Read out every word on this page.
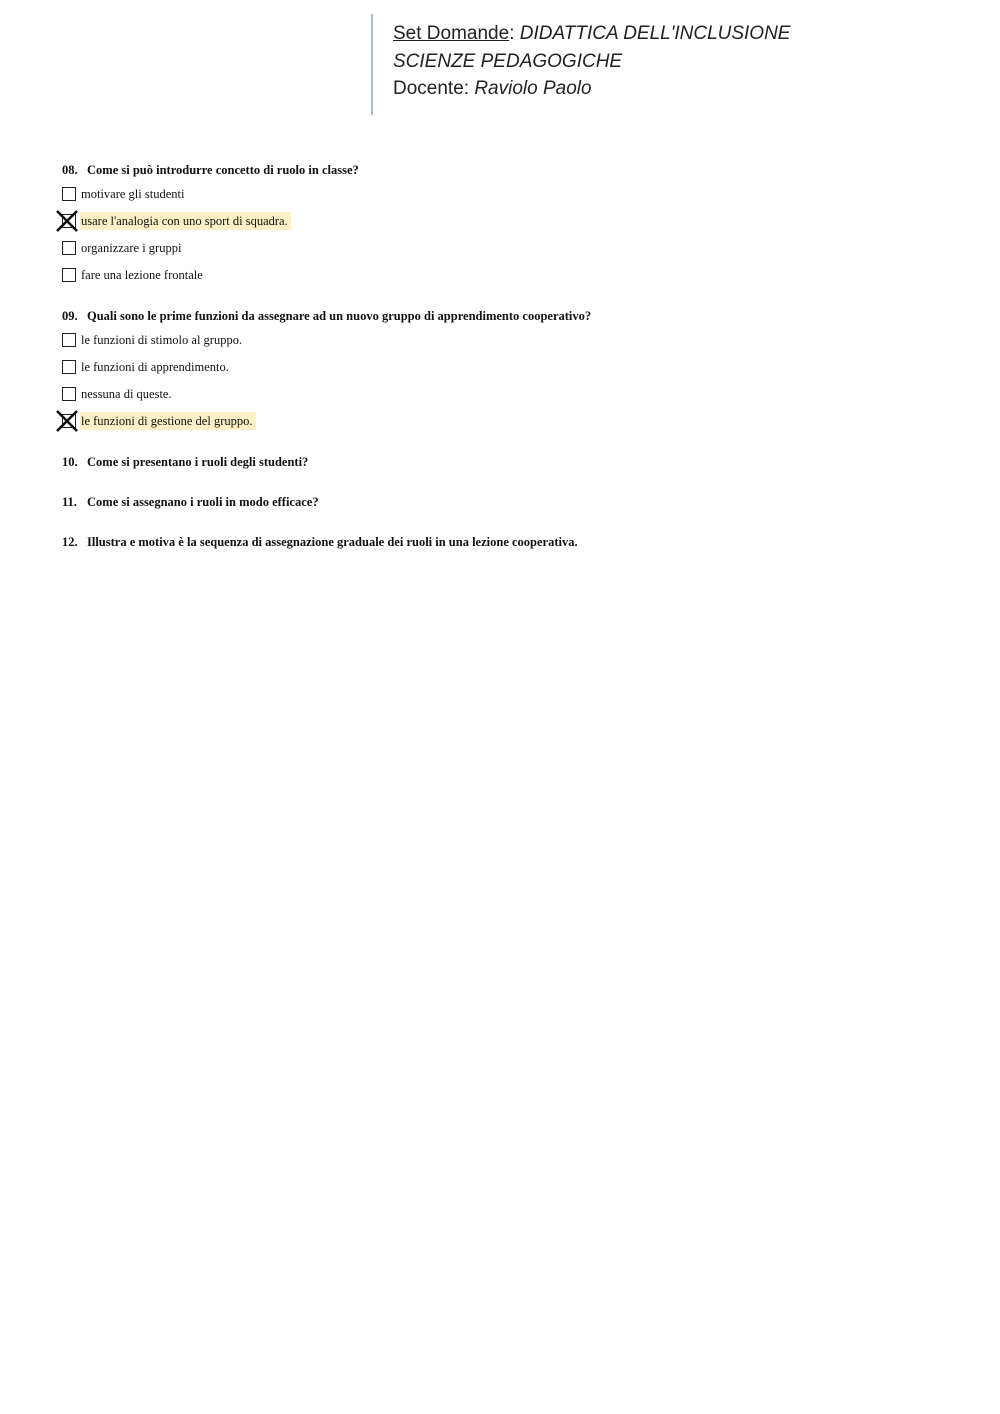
Set Domande: DIDATTICA DELL'INCLUSIONE
SCIENZE PEDAGOGICHE
Docente: Raviolo Paolo
08. Come si può introdurre concetto di ruolo in classe?
motivare gli studenti
usare l'analogia con uno sport di squadra.
organizzare i gruppi
fare una lezione frontale
09. Quali sono le prime funzioni da assegnare ad un nuovo gruppo di apprendimento cooperativo?
le funzioni di stimolo al gruppo.
le funzioni di apprendimento.
nessuna di queste.
le funzioni di gestione del gruppo.
10. Come si presentano i ruoli degli studenti?
11. Come si assegnano i ruoli in modo efficace?
12. Illustra e motiva è la sequenza di assegnazione graduale dei ruoli in una lezione cooperativa.
